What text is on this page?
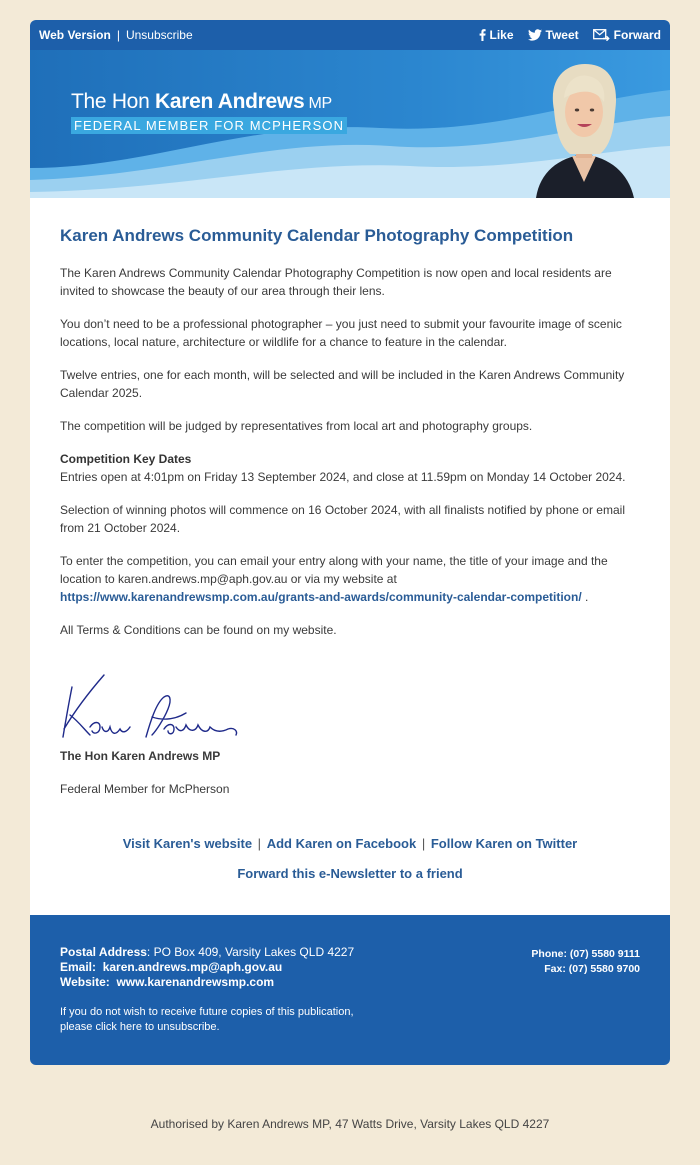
Web Version | Unsubscribe	Like	Tweet	Forward
The Hon Karen Andrews MP
FEDERAL MEMBER FOR MCPHERSON
Karen Andrews Community Calendar Photography Competition

The Karen Andrews Community Calendar Photography Competition is now open and local residents are invited to showcase the beauty of our area through their lens.

You don’t need to be a professional photographer – you just need to submit your favourite image of scenic locations, local nature, architecture or wildlife for a chance to feature in the calendar.

Twelve entries, one for each month, will be selected and will be included in the Karen Andrews Community Calendar 2025.

The competition will be judged by representatives from local art and photography groups.

Competition Key Dates
Entries open at 4:01pm on Friday 13 September 2024, and close at 11.59pm on Monday 14 October 2024.

Selection of winning photos will commence on 16 October 2024, with all finalists notified by phone or email from 21 October 2024.

To enter the competition, you can email your entry along with your name, the title of your image and the location to karen.andrews.mp@aph.gov.au or via my website at https://www.karenandrewsmp.com.au/grants-and-awards/community-calendar-competition/ .

All Terms & Conditions can be found on my website.

The Hon Karen Andrews MP

Federal Member for McPherson

Visit Karen's website | Add Karen on Facebook | Follow Karen on Twitter
Forward this e-Newsletter to a friend
Postal Address: PO Box 409, Varsity Lakes QLD 4227
Email: karen.andrews.mp@aph.gov.au
Website: www.karenandrewsmp.com
If you do not wish to receive future copies of this publication,
please click here to unsubscribe.
Phone: (07) 5580 9111
Fax: (07) 5580 9700
Authorised by Karen Andrews MP, 47 Watts Drive, Varsity Lakes QLD 4227
